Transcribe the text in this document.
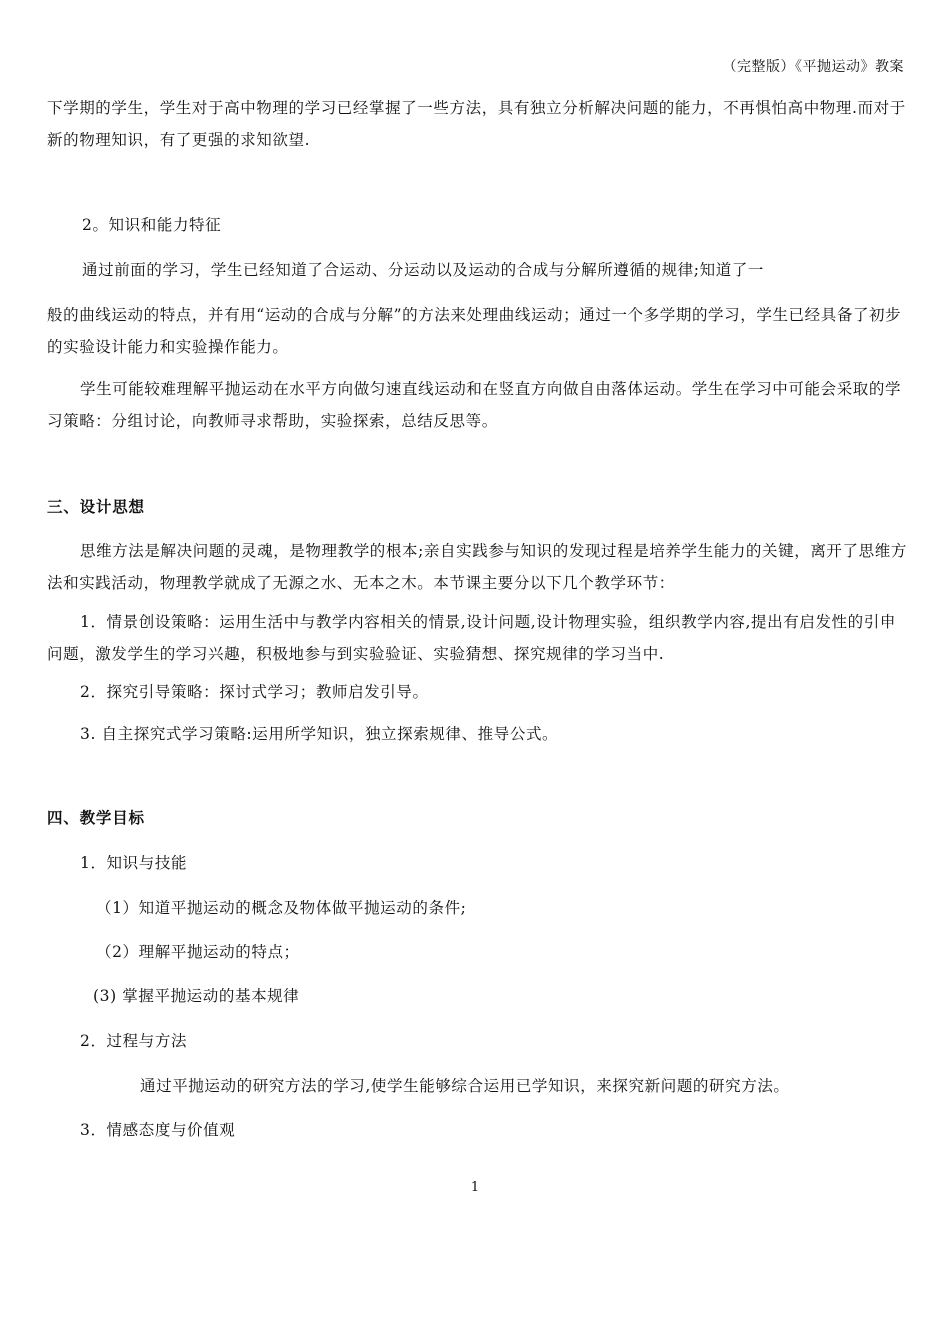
（完整版）《平抛运动》教案

下学期的学生，学生对于高中物理的学习已经掌握了一些方法，具有独立分析解决问题的能力，不再惧怕高中物理.而对于新的物理知识，有了更强的求知欲望.

2。知识和能力特征

通过前面的学习，学生已经知道了合运动、分运动以及运动的合成与分解所遵循的规律;知道了一

般的曲线运动的特点，并有用“运动的合成与分解”的方法来处理曲线运动；通过一个多学期的学习，学生已经具备了初步的实验设计能力和实验操作能力。

学生可能较难理解平抛运动在水平方向做匀速直线运动和在竖直方向做自由落体运动。学生在学习中可能会采取的学习策略：分组讨论，向教师寻求帮助，实验探索，总结反思等。

三、设计思想

思维方法是解决问题的灵魂，是物理教学的根本;亲自实践参与知识的发现过程是培养学生能力的关键，离开了思维方法和实践活动，物理教学就成了无源之水、无本之木。本节课主要分以下几个教学环节：

1．情景创设策略：运用生活中与教学内容相关的情景,设计问题,设计物理实验，组织教学内容,提出有启发性的引申问题，激发学生的学习兴趣，积极地参与到实验验证、实验猜想、探究规律的学习当中.

2．探究引导策略：探讨式学习；教师启发引导。

3. 自主探究式学习策略:运用所学知识，独立探索规律、推导公式。

四、教学目标

1．知识与技能

（1）知道平抛运动的概念及物体做平抛运动的条件;

（2）理解平抛运动的特点；

(3) 掌握平抛运动的基本规律

2．过程与方法

通过平抛运动的研究方法的学习,使学生能够综合运用已学知识，来探究新问题的研究方法。

3．情感态度与价值观

1
